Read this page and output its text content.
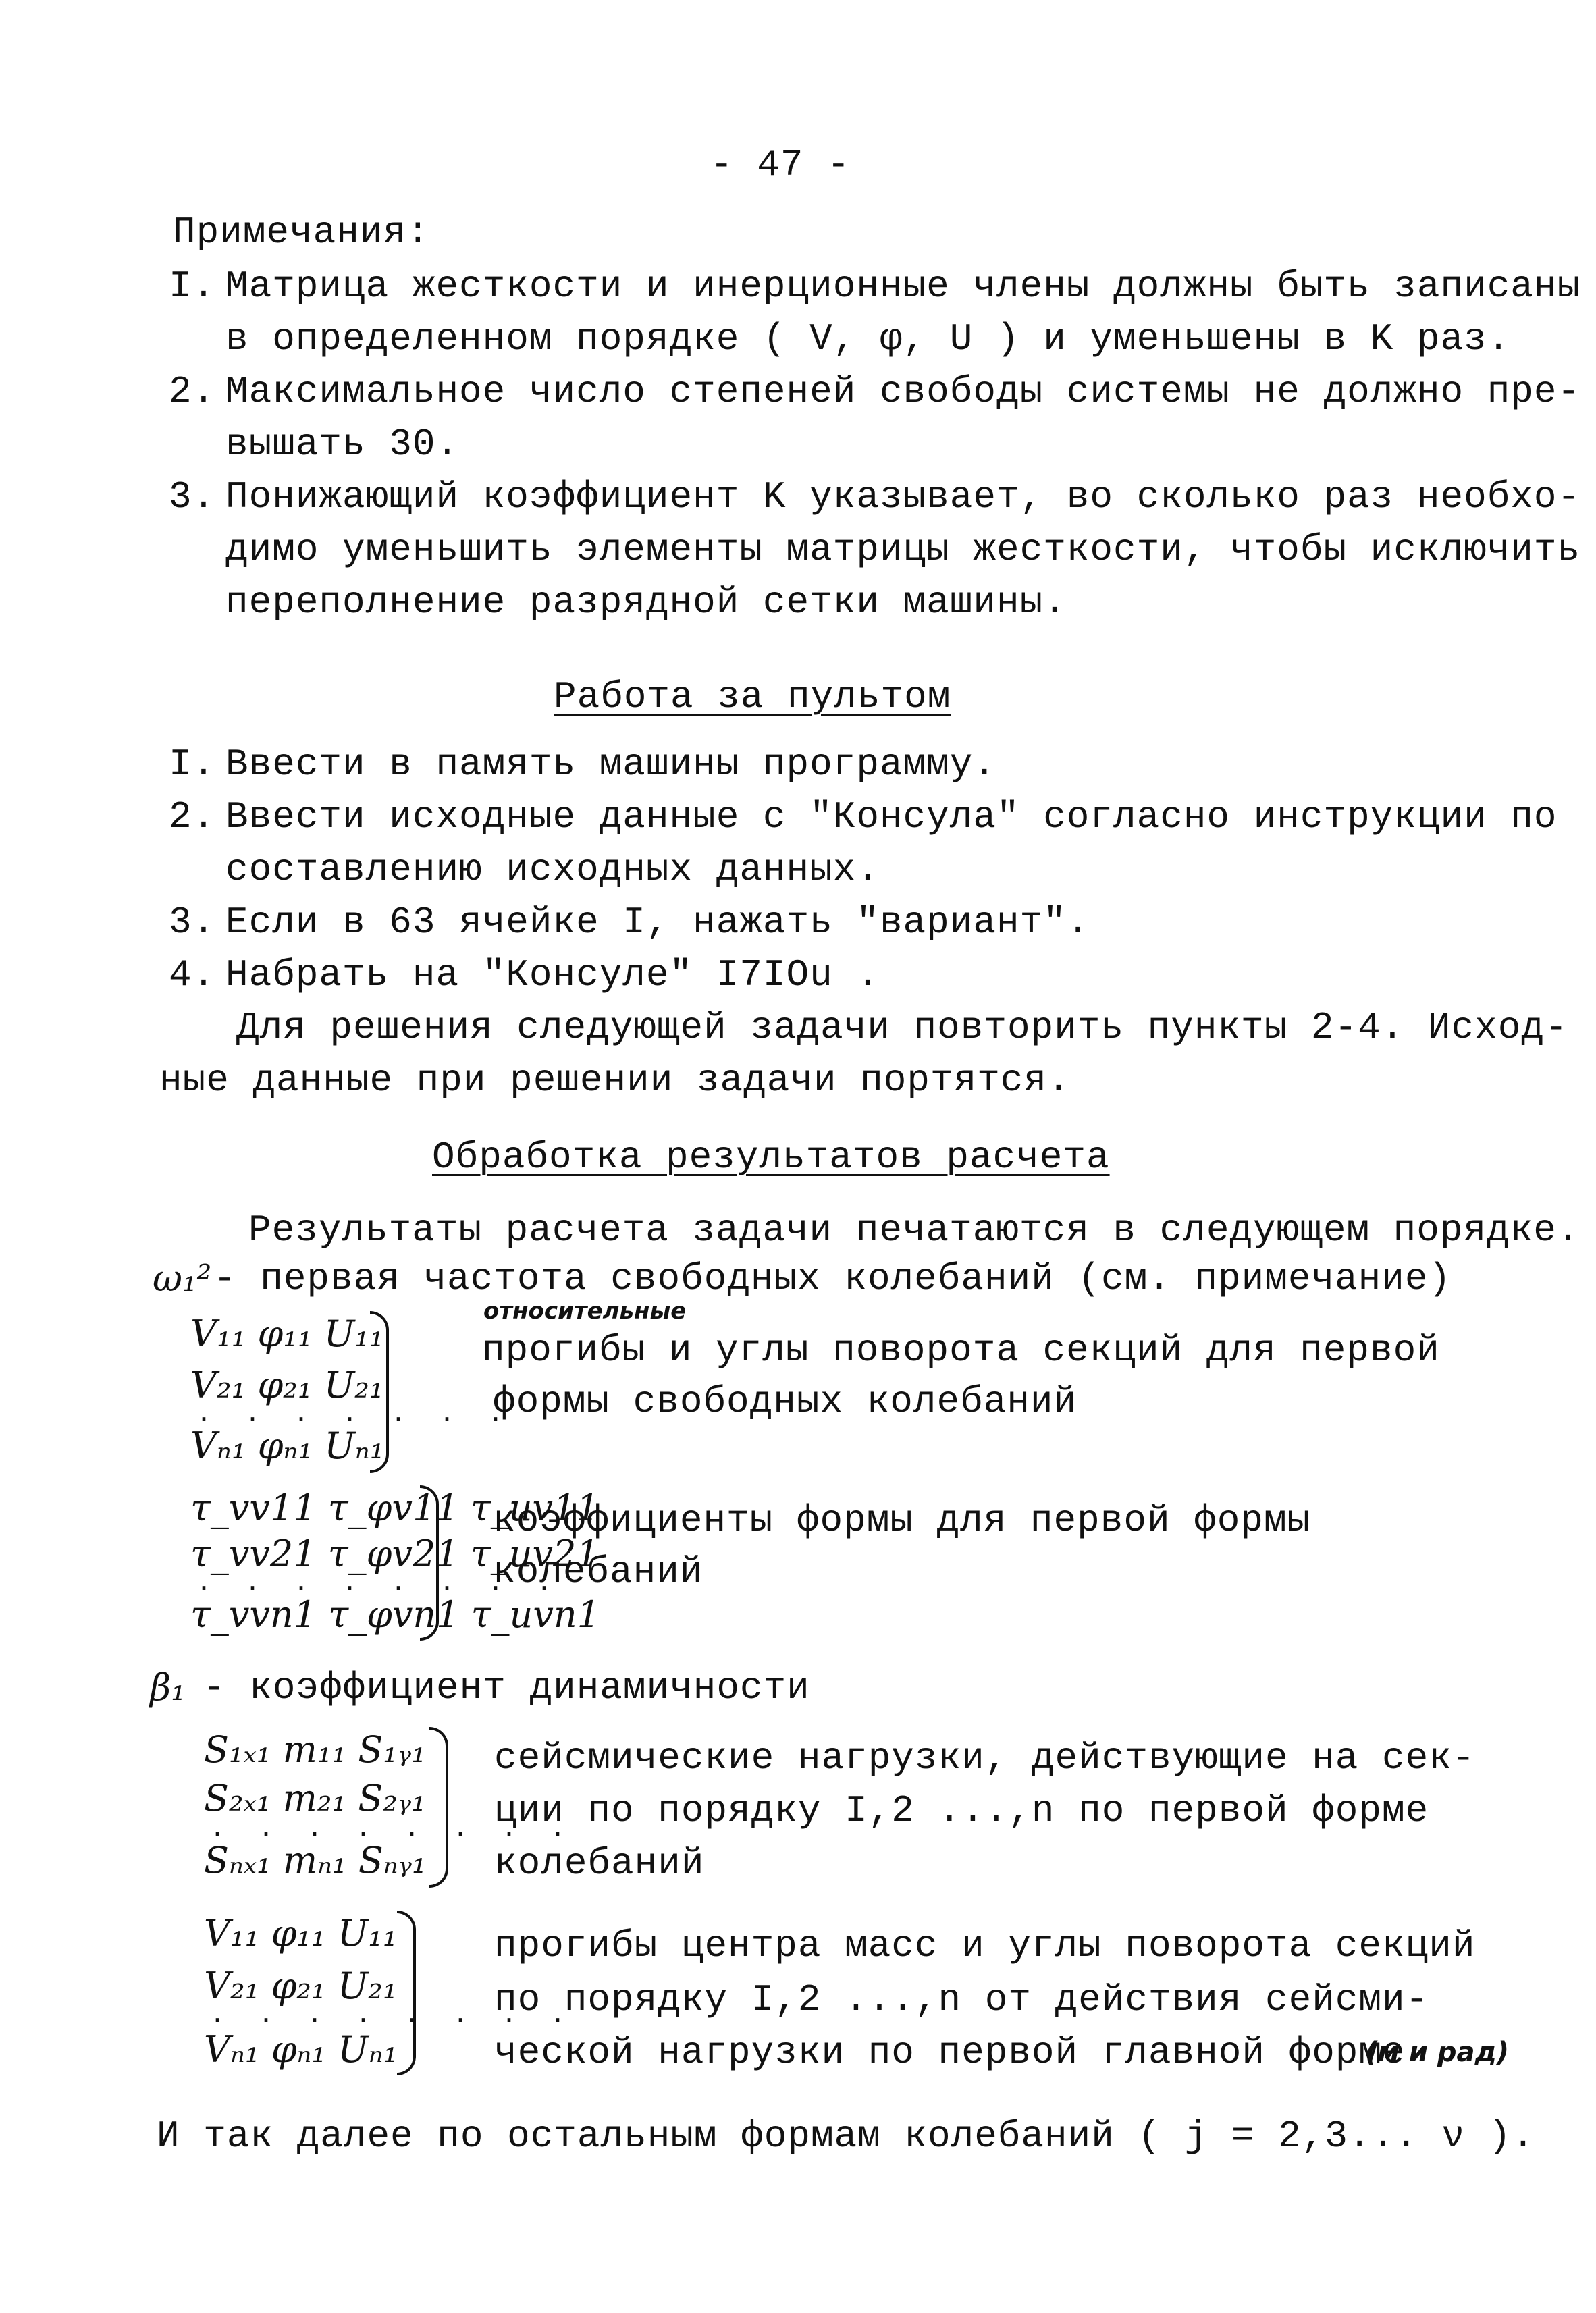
- 47 -
Примечания:
I. Матрица жесткости и инерционные члены должны быть записаны
в определенном порядке ( V, φ, U ) и уменьшены в K раз.
2. Максимальное число степеней свободы системы не должно пре-
вышать 30.
3. Понижающий коэффициент K указывает, во сколько раз необхо-
димо уменьшить элементы матрицы жесткости, чтобы исключить
переполнение разрядной сетки машины.
Работа за пультом
I. Ввести в память машины программу.
2. Ввести исходные данные с "Консула" согласно инструкции по
составлению исходных данных.
3. Если в 63 ячейке I, нажать "вариант".
4. Набрать на "Консуле" I7IOu .
Для решения следующей задачи повторить пункты 2-4. Исход-
ные данные при решении задачи портятся.
Обработка результатов расчета
Результаты расчета задачи печатаются в следующем порядке.
ω₁² - первая частота свободных колебаний (см. примечание)
относительные
V₁₁ φ₁₁ U₁₁
V₂₁ φ₂₁ U₂₁
. . . . . . .
Vₙ₁ φₙ₁ Uₙ₁
прогибы и углы поворота секций для первой
формы свободных колебаний
τ_vv11 τ_φv11 τ_uv11
τ_vv21 τ_φv21 τ_uv21
. . . . . . . .
τ_vvn1 τ_φvn1 τ_uvn1
коэффициенты формы для первой формы
колебаний
β₁ - коэффициент динамичности
S₁ₓ₁ m₁₁ S₁ᵧ₁
S₂ₓ₁ m₂₁ S₂ᵧ₁
. . . . . . . .
Sₙₓ₁ mₙ₁ Sₙᵧ₁
сейсмические нагрузки, действующие на сек-
ции по порядку I,2 ...,n по первой форме
колебаний
V₁₁ φ₁₁ U₁₁
V₂₁ φ₂₁ U₂₁
. . . . . . . .
Vₙ₁ φₙ₁ Uₙ₁
прогибы центра масс и углы поворота секций
по порядку I,2 ...,n от действия сейсми-
ческой нагрузки по первой главной форме
(м и рад)
И так далее по остальным формам колебаний ( j = 2,3... ν ).
